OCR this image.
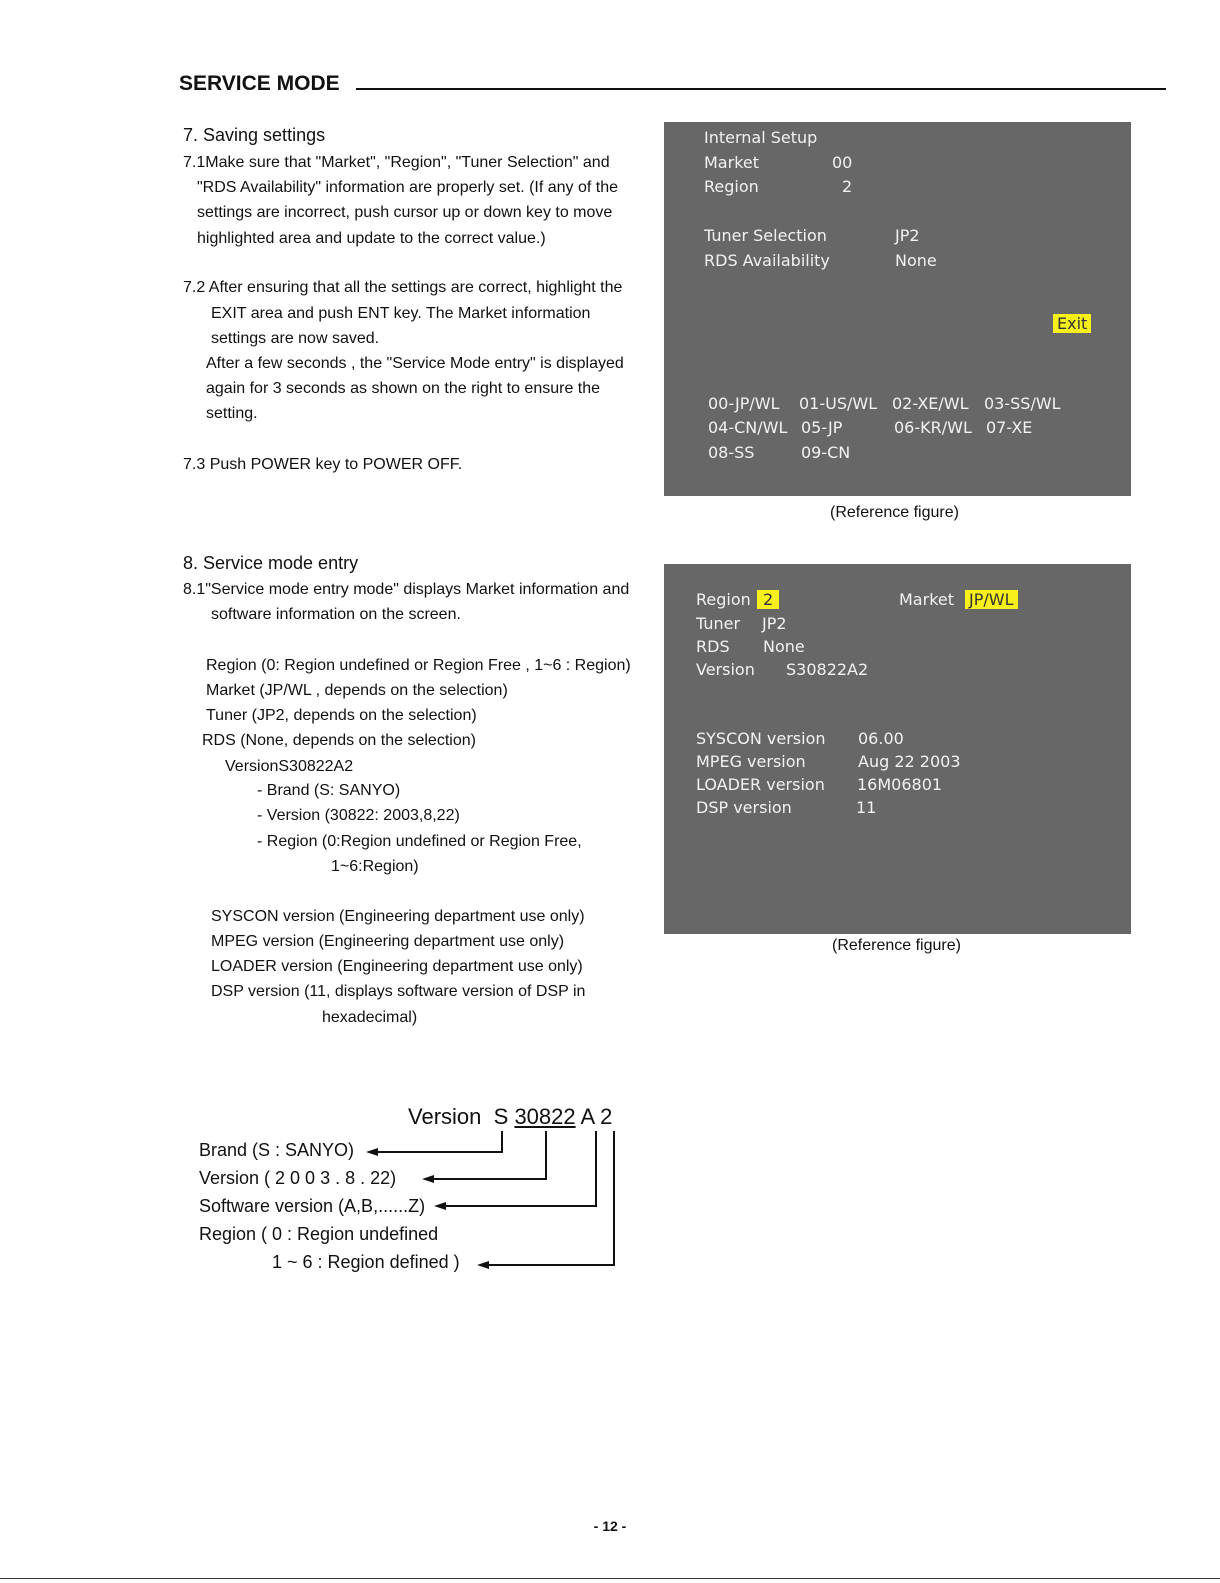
SERVICE MODE
7. Saving settings
7.1Make sure that "Market", "Region", "Tuner Selection" and
"RDS Availability" information are properly set. (If any of the
settings are incorrect, push cursor up or down key to move
highlighted area and update to the correct value.)
7.2 After ensuring that all the settings are correct, highlight the
EXIT area and push ENT key. The Market information
settings are now saved.
After a few seconds , the "Service Mode entry" is displayed
again for 3 seconds as shown on the right to ensure the
setting.
7.3 Push POWER key to POWER OFF.
Internal Setup
Market	00
Region	2
Tuner Selection	JP2
RDS Availability	None
Exit
00-JP/WL 01-US/WL 02-XE/WL 03-SS/WL
04-CN/WL 05-JP	06-KR/WL 07-XE
08-SS	09-CN
(Reference figure)
8. Service mode entry
8.1"Service mode entry mode" displays Market information and
software information on the screen.
Region (0: Region undefined or Region Free , 1~6 : Region)
Market (JP/WL , depends on the selection)
Tuner (JP2, depends on the selection)
RDS (None, depends on the selection)
VersionS30822A2
- Brand (S: SANYO)
- Version (30822: 2003,8,22)
- Region (0:Region undefined or Region Free,
1~6:Region)
SYSCON version (Engineering department use only)
MPEG version (Engineering department use only)
LOADER version (Engineering department use only)
DSP version (11, displays software version of DSP in
hexadecimal)
Region 2	Market JP/WL
Tuner JP2
RDS None
Version S30822A2
SYSCON version 06.00
MPEG version	Aug 22 2003
LOADER version 16M06801
DSP version	11
(Reference figure)
Version S 30822 A 2
Brand (S : SANYO)
Version ( 2 0 0 3 . 8 . 22)
Software version (A,B,......Z)
Region ( 0 : Region undefined
1 ~ 6 : Region defined )
- 12 -
